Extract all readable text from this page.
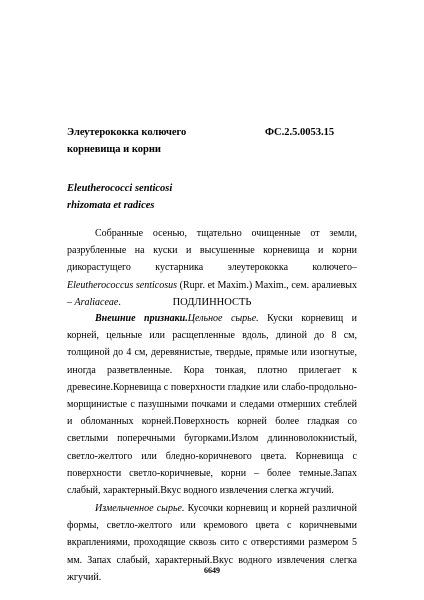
Элеутерококка колючего
корневища и корни
ФС.2.5.0053.15
Eleutherococci senticosi
rhizomata et radices
Собранные осенью, тщательно очищенные от земли, разрубленные на куски и высушенные корневища и корни дикорастущего кустарника элеутерококка колючего–Eleutherococcus senticosus (Rupr. et Maxim.) Maxim., сем. аралиевых – Araliaceae.	ПОДЛИННОСТЬ
Внешние признаки.Цельное сырье. Куски корневищ и корней, цельные или расщепленные вдоль, длиной до 8 см, толщиной до 4 см, деревянистые, твердые, прямые или изогнутые, иногда разветвленные. Кора тонкая, плотно прилегает к древесине.Корневища с поверхности гладкие или слабо-продольно-морщинистые с пазушными почками и следами отмерших стеблей и обломанных корней.Поверхность корней более гладкая со светлыми поперечными бугорками.Излом длинноволокнистый, светло-желтого или бледно-коричневого цвета. Корневища с поверхности светло-коричневые, корни – более темные.Запах слабый, характерный.Вкус водного извлечения слегка жгучий.
Измельченное сырье. Кусочки корневищ и корней различной формы, светло-желтого или кремового цвета с коричневыми вкраплениями, проходящие сквозь сито с отверстиями размером 5 мм. Запах слабый, характерный.Вкус водного извлечения слегка жгучий.
6649
